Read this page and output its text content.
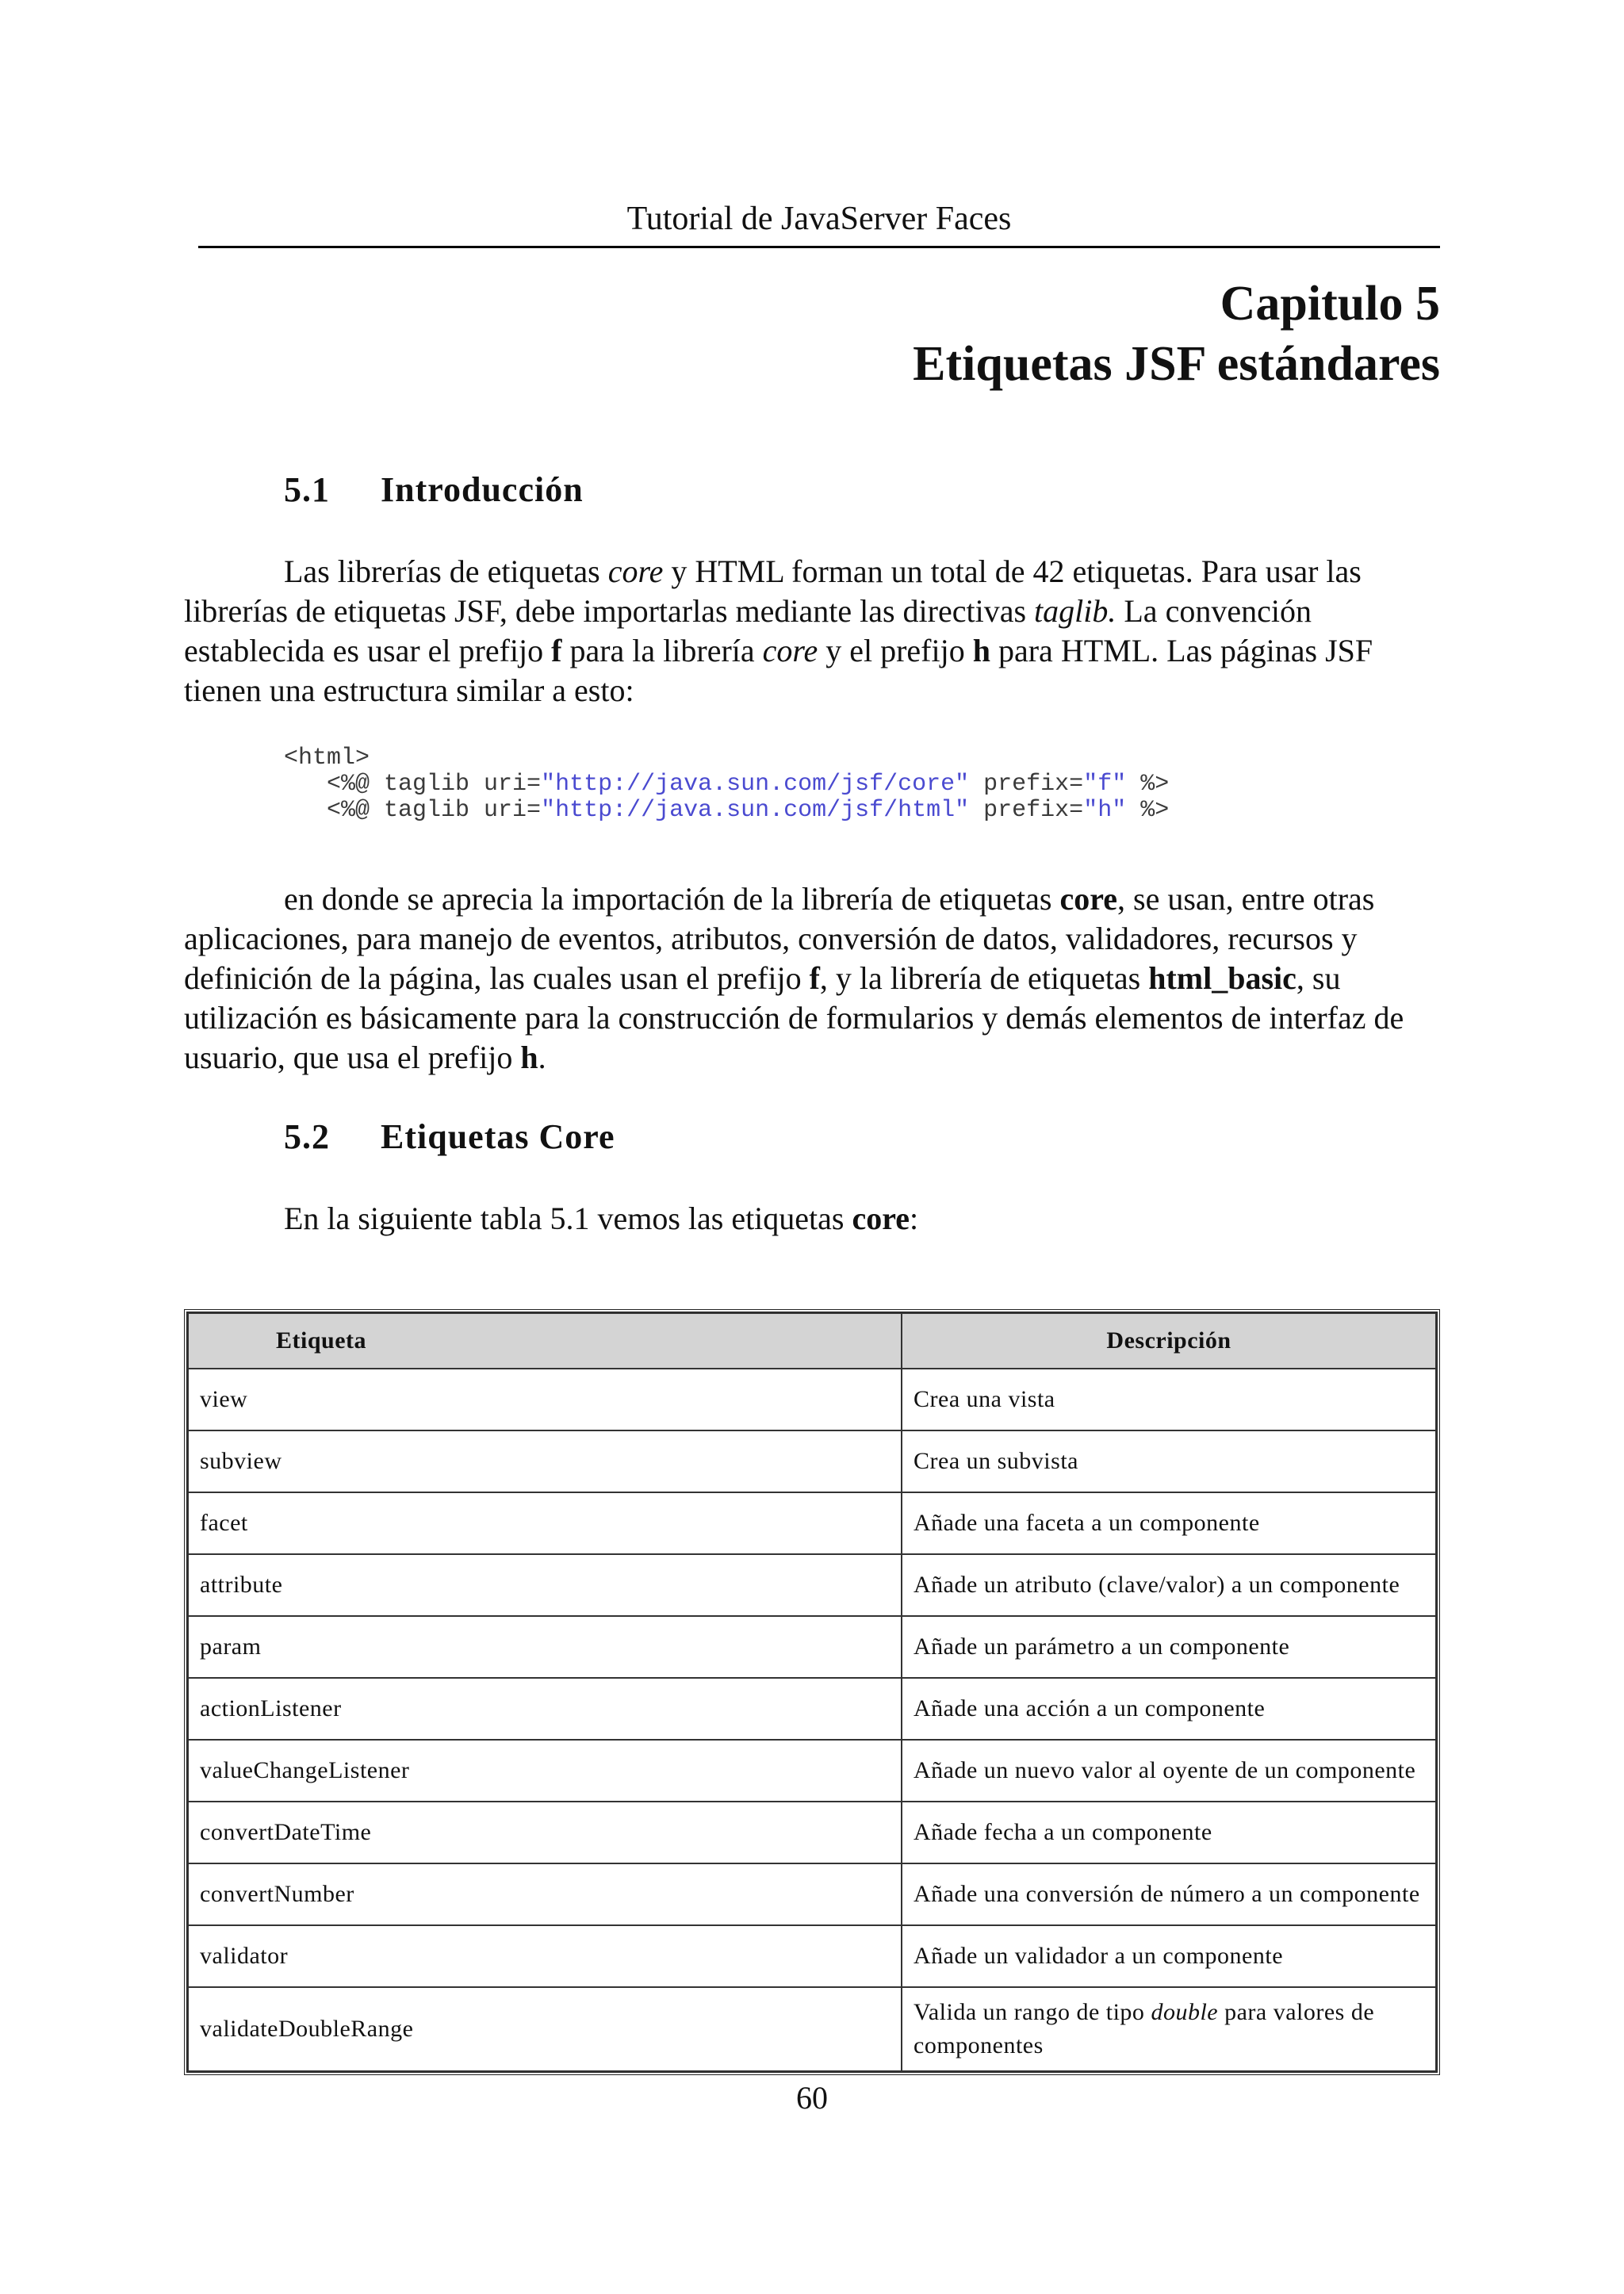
Tutorial de JavaServer Faces
Capitulo 5
Etiquetas JSF estándares
5.1 Introducción
Las librerías de etiquetas core y HTML forman un total de 42 etiquetas. Para usar las librerías de etiquetas JSF, debe importarlas mediante las directivas taglib. La convención establecida es usar el prefijo f para la librería core y el prefijo h para HTML. Las páginas JSF tienen una estructura similar a esto:
<html>
<%@ taglib uri="http://java.sun.com/jsf/core" prefix="f" %>
<%@ taglib uri="http://java.sun.com/jsf/html" prefix="h" %>
en donde se aprecia la importación de la librería de etiquetas core, se usan, entre otras aplicaciones, para manejo de eventos, atributos, conversión de datos, validadores, recursos y definición de la página, las cuales usan el prefijo f, y la librería de etiquetas html_basic, su utilización es básicamente para la construcción de formularios y demás elementos de interfaz de usuario, que usa el prefijo h.
5.2 Etiquetas Core
En la siguiente tabla 5.1 vemos las etiquetas core:
Etiqueta	Descripción
view	Crea una vista
subview	Crea un subvista
facet	Añade una faceta a un componente
attribute	Añade un atributo (clave/valor) a un componente
param	Añade un parámetro a un componente
actionListener	Añade una acción a un componente
valueChangeListener	Añade un nuevo valor al oyente de un componente
convertDateTime	Añade fecha a un componente
convertNumber	Añade una conversión de número a un componente
validator	Añade un validador a un componente
validateDoubleRange	Valida un rango de tipo double para valores de componentes
60
